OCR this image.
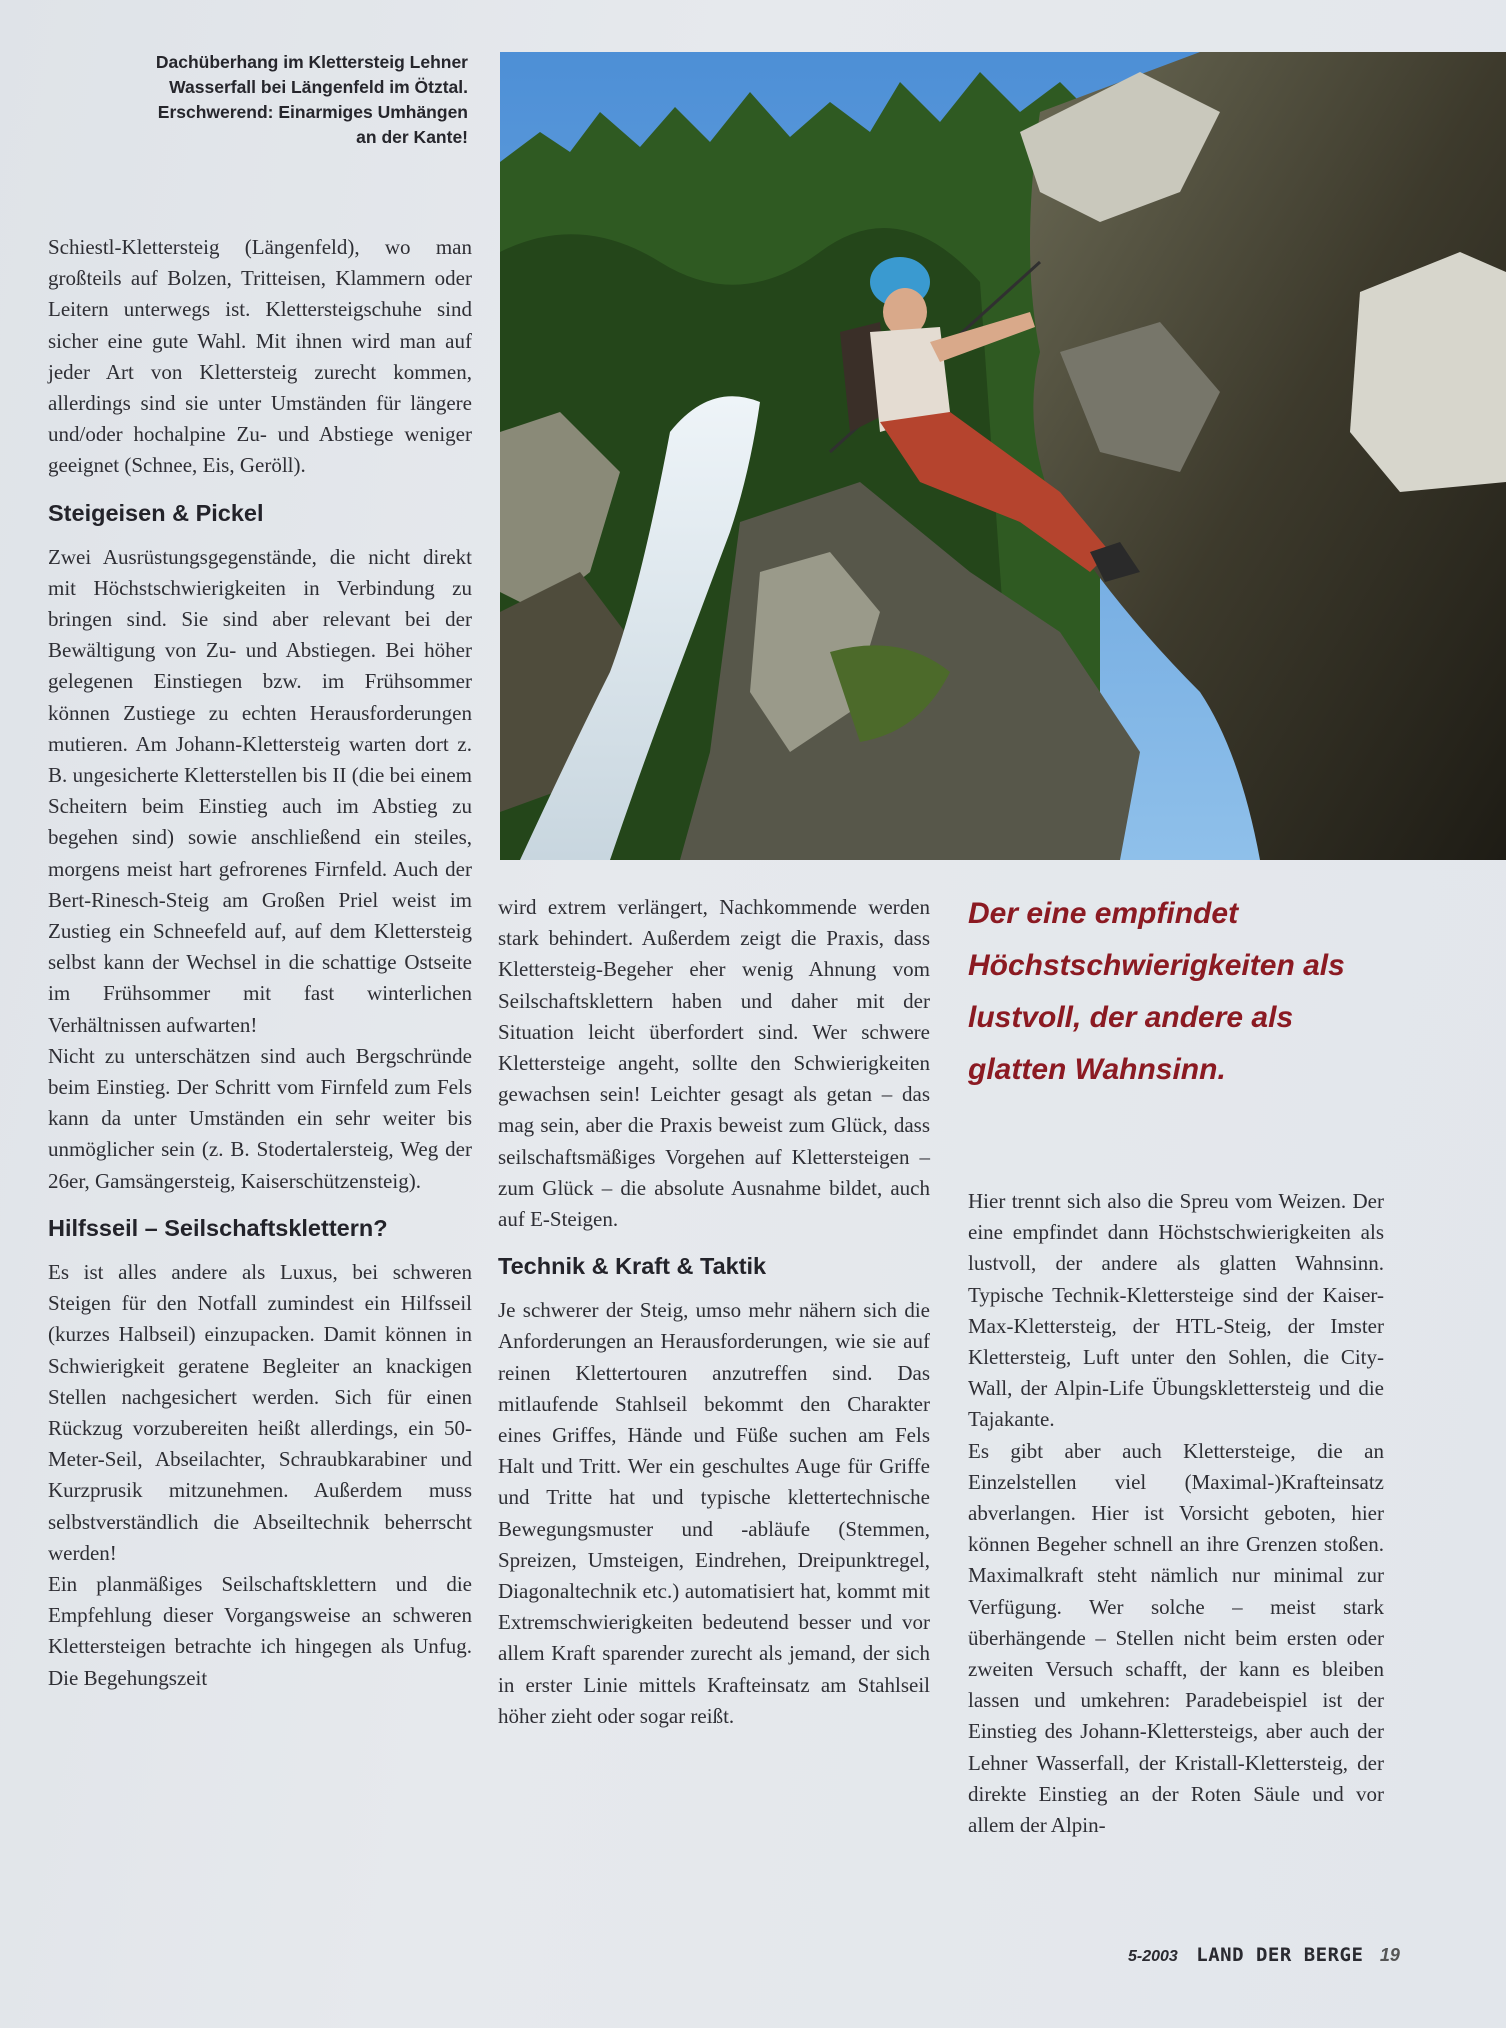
Dachüberhang im Klettersteig Lehner
Wasserfall bei Längenfeld im Ötztal.
Erschwerend: Einarmiges Umhängen
an der Kante!

Schiestl-Klettersteig (Längenfeld), wo man großteils auf Bolzen, Tritteisen, Klammern oder Leitern unterwegs ist. Klettersteigschuhe sind sicher eine gute Wahl. Mit ihnen wird man auf jeder Art von Klettersteig zurecht kommen, allerdings sind sie unter Umständen für längere und/oder hochalpine Zu- und Abstiege weniger geeignet (Schnee, Eis, Geröll).

Steigeisen & Pickel

Zwei Ausrüstungsgegenstände, die nicht direkt mit Höchstschwierigkeiten in Verbindung zu bringen sind. Sie sind aber relevant bei der Bewältigung von Zu- und Abstiegen. Bei höher gelegenen Einstiegen bzw. im Frühsommer können Zustiege zu echten Herausforderungen mutieren. Am Johann-Klettersteig warten dort z. B. ungesicherte Kletterstellen bis II (die bei einem Scheitern beim Einstieg auch im Abstieg zu begehen sind) sowie anschließend ein steiles, morgens meist hart gefrorenes Firnfeld. Auch der Bert-Rinesch-Steig am Großen Priel weist im Zustieg ein Schneefeld auf, auf dem Klettersteig selbst kann der Wechsel in die schattige Ostseite im Frühsommer mit fast winterlichen Verhältnissen aufwarten!

Nicht zu unterschätzen sind auch Bergschründe beim Einstieg. Der Schritt vom Firnfeld zum Fels kann da unter Umständen ein sehr weiter bis unmöglicher sein (z. B. Stodertalersteig, Weg der 26er, Gamsängersteig, Kaiserschützensteig).

Hilfsseil – Seilschaftsklettern?

Es ist alles andere als Luxus, bei schweren Steigen für den Notfall zumindest ein Hilfsseil (kurzes Halbseil) einzupacken. Damit können in Schwierigkeit geratene Begleiter an knackigen Stellen nachgesichert werden. Sich für einen Rückzug vorzubereiten heißt allerdings, ein 50-Meter-Seil, Abseilachter, Schraubkarabiner und Kurzprusik mitzunehmen. Außerdem muss selbstverständlich die Abseiltechnik beherrscht werden!

Ein planmäßiges Seilschaftsklettern und die Empfehlung dieser Vorgangsweise an schweren Klettersteigen betrachte ich hingegen als Unfug. Die Begehungszeit

wird extrem verlängert, Nachkommende werden stark behindert. Außerdem zeigt die Praxis, dass Klettersteig-Begeher eher wenig Ahnung vom Seilschaftsklettern haben und daher mit der Situation leicht überfordert sind. Wer schwere Klettersteige angeht, sollte den Schwierigkeiten gewachsen sein! Leichter gesagt als getan – das mag sein, aber die Praxis beweist zum Glück, dass seilschaftsmäßiges Vorgehen auf Klettersteigen – zum Glück – die absolute Ausnahme bildet, auch auf E-Steigen.

Technik & Kraft & Taktik

Je schwerer der Steig, umso mehr nähern sich die Anforderungen an Herausforderungen, wie sie auf reinen Klettertouren anzutreffen sind. Das mitlaufende Stahlseil bekommt den Charakter eines Griffes, Hände und Füße suchen am Fels Halt und Tritt. Wer ein geschultes Auge für Griffe und Tritte hat und typische klettertechnische Bewegungsmuster und -abläufe (Stemmen, Spreizen, Umsteigen, Eindrehen, Dreipunktregel, Diagonaltechnik etc.) automatisiert hat, kommt mit Extremschwierigkeiten bedeutend besser und vor allem Kraft sparender zurecht als jemand, der sich in erster Linie mittels Krafteinsatz am Stahlseil höher zieht oder sogar reißt.

Der eine empfindet Höchstschwierigkeiten als lustvoll, der andere als glatten Wahnsinn.

Hier trennt sich also die Spreu vom Weizen. Der eine empfindet dann Höchstschwierigkeiten als lustvoll, der andere als glatten Wahnsinn. Typische Technik-Klettersteige sind der Kaiser-Max-Klettersteig, der HTL-Steig, der Imster Klettersteig, Luft unter den Sohlen, die City-Wall, der Alpin-Life Übungsklettersteig und die Tajakante.

Es gibt aber auch Klettersteige, die an Einzelstellen viel (Maximal-)Krafteinsatz abverlangen. Hier ist Vorsicht geboten, hier können Begeher schnell an ihre Grenzen stoßen. Maximalkraft steht nämlich nur minimal zur Verfügung. Wer solche – meist stark überhängende – Stellen nicht beim ersten oder zweiten Versuch schafft, der kann es bleiben lassen und umkehren: Paradebeispiel ist der Einstieg des Johann-Klettersteigs, aber auch der Lehner Wasserfall, der Kristall-Klettersteig, der direkte Einstieg an der Roten Säule und vor allem der Alpin-

5-2003 LAND DER BERGE 19
